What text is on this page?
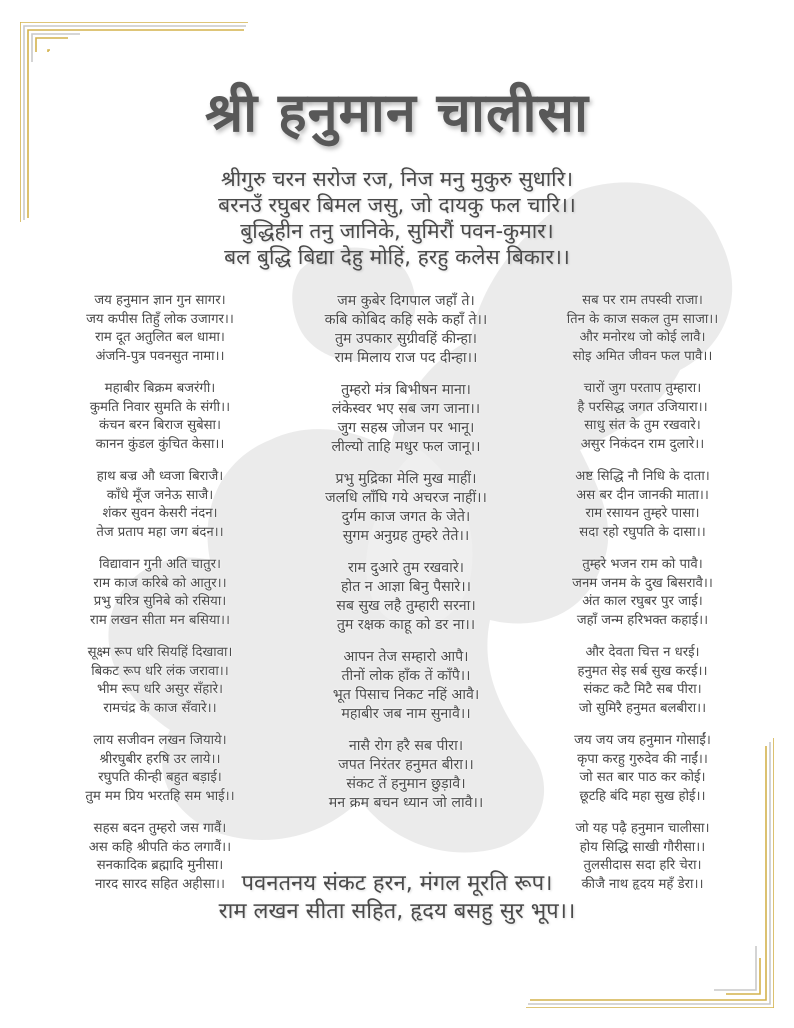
श्री हनुमान चालीसा
श्रीगुरु चरन सरोज रज, निज मनु मुकुरु सुधारि।
बरनउँ रघुबर बिमल जसु, जो दायकु फल चारि।।
बुद्धिहीन तनु जानिके, सुमिरौं पवन-कुमार।
बल बुद्धि बिद्या देहु मोहिं, हरहु कलेस बिकार।।
जय हनुमान ज्ञान गुन सागर।
जय कपीस तिहुँ लोक उजागर।।
राम दूत अतुलित बल धामा।
अंजनि-पुत्र पवनसुत नामा।।
महाबीर बिक्रम बजरंगी।
कुमति निवार सुमति के संगी।।
कंचन बरन बिराज सुबेसा।
कानन कुंडल कुंचित केसा।।
हाथ बज्र औ ध्वजा बिराजै।
काँधे मूँज जनेऊ साजै।
शंकर सुवन केसरी नंदन।
तेज प्रताप महा जग बंदन।।
विद्यावान गुनी अति चातुर।
राम काज करिबे को आतुर।।
प्रभु चरित्र सुनिबे को रसिया।
राम लखन सीता मन बसिया।।
सूक्ष्म रूप धरि सियहिं दिखावा।
बिकट रूप धरि लंक जरावा।।
भीम रूप धरि असुर सँहारे।
रामचंद्र के काज सँवारे।।
लाय सजीवन लखन जियाये।
श्रीरघुबीर हरषि उर लाये।।
रघुपति कीन्ही बहुत बड़ाई।
तुम मम प्रिय भरतहि सम भाई।।
सहस बदन तुम्हरो जस गावैं।
अस कहि श्रीपति कंठ लगावैं।।
सनकादिक ब्रह्मादि मुनीसा।
नारद सारद सहित अहीसा।।
जम कुबेर दिगपाल जहाँ ते।
कबि कोबिद कहि सके कहाँ ते।।
तुम उपकार सुग्रीवहिं कीन्हा।
राम मिलाय राज पद दीन्हा।।
तुम्हरो मंत्र बिभीषन माना।
लंकेस्वर भए सब जग जाना।।
जुग सहस्र जोजन पर भानू।
लील्यो ताहि मधुर फल जानू।।
प्रभु मुद्रिका मेलि मुख माहीं।
जलधि लाँघि गये अचरज नाहीं।।
दुर्गम काज जगत के जेते।
सुगम अनुग्रह तुम्हरे तेते।।
राम दुआरे तुम रखवारे।
होत न आज्ञा बिनु पैसारे।।
सब सुख लहै तुम्हारी सरना।
तुम रक्षक काहू को डर ना।।
आपन तेज सम्हारो आपै।
तीनों लोक हाँक तें काँपै।।
भूत पिसाच निकट नहिं आवै।
महाबीर जब नाम सुनावै।।
नासै रोग हरै सब पीरा।
जपत निरंतर हनुमत बीरा।।
संकट तें हनुमान छुड़ावै।
मन क्रम बचन ध्यान जो लावै।।
सब पर राम तपस्वी राजा।
तिन के काज सकल तुम साजा।।
और मनोरथ जो कोई लावै।
सोइ अमित जीवन फल पावै।।
चारों जुग परताप तुम्हारा।
है परसिद्ध जगत उजियारा।।
साधु संत के तुम रखवारे।
असुर निकंदन राम दुलारे।।
अष्ट सिद्धि नौ निधि के दाता।
अस बर दीन जानकी माता।।
राम रसायन तुम्हरे पासा।
सदा रहो रघुपति के दासा।।
तुम्हरे भजन राम को पावै।
जनम जनम के दुख बिसरावै।।
अंत काल रघुबर पुर जाई।
जहाँ जन्म हरिभक्त कहाई।।
और देवता चित्त न धरई।
हनुमत सेइ सर्ब सुख करई।।
संकट कटै मिटै सब पीरा।
जो सुमिरै हनुमत बलबीरा।।
जय जय जय हनुमान गोसाईं।
कृपा करहु गुरुदेव की नाईं।।
जो सत बार पाठ कर कोई।
छूटहि बंदि महा सुख होई।।
जो यह पढ़ै हनुमान चालीसा।
होय सिद्धि साखी गौरीसा।।
तुलसीदास सदा हरि चेरा।
कीजै नाथ हृदय महँ डेरा।।
पवनतनय संकट हरन, मंगल मूरति रूप।
राम लखन सीता सहित, हृदय बसहु सुर भूप।।
